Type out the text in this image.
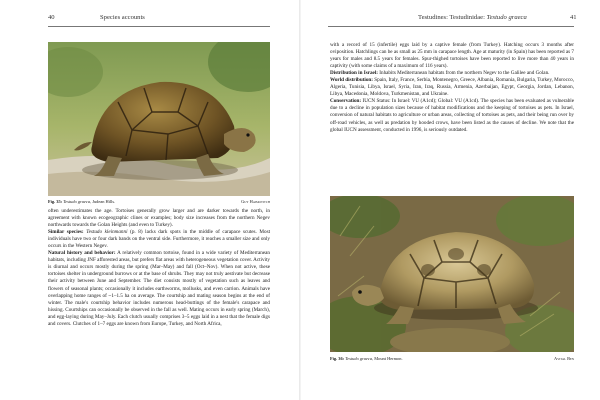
40	Species accounts
Fig. 35: Testudo graeca, Judean Hills.	Guy Haimovitch

often underestimates the age. Tortoises generally grow larger and are darker towards the north, in agreement with known ecogeographic clines or examples; body size increases from the northern Negev northwards towards the Golan Heights (and even to Turkey).

Similar species: Testudo kleinmanni (p. 8) lacks dark spots in the middle of carapace scutes. Most individuals have two or four dark bands on the ventral side. Furthermore, it reaches a smaller size and only occurs in the Western Negev.

Natural history and behavior: A relatively common tortoise, found in a wide variety of Mediterranean habitats, including JNF afforested areas, but prefers flat areas with heterogeneous vegetation cover. Activity is diurnal and occurs mostly during the spring (Mar–May) and fall (Oct–Nov). When not active, these tortoises shelter in underground burrows or at the base of shrubs. They may not truly aestivate but decrease their activity between June and September. The diet consists mostly of vegetation such as leaves and flowers of seasonal plants; occasionally it includes earthworms, mollusks, and even carrion. Animals have overlapping home ranges of ~1–1.5 ha on average. The courtship and mating season begins at the end of winter. The male's courtship behavior includes numerous head-buttings of the female's carapace and hissing. Courtships can occasionally be observed in the fall as well. Mating occurs in early spring (March), and egg-laying during May–July. Each clutch usually comprises 3–5 eggs laid in a nest that the female digs and covers. Clutches of 1–7 eggs are known from Europe, Turkey, and North Africa,

Testudines: Testudinidae: Testudo graeca	41

with a record of 15 (infertile) eggs laid by a captive female (from Turkey). Hatching occurs 3 months after oviposition. Hatchlings can be as small as 25 mm in carapace length. Age at maturity (in Spain) has been reported as 7 years for males and 8.5 years for females. Spur-thighed tortoises have been reported to live more than 40 years in captivity (with some claims of a maximum of 116 years).

Distribution in Israel: Inhabits Mediterranean habitats from the northern Negev to the Galilee and Golan.

World distribution: Spain, Italy, France, Serbia, Montenegro, Greece, Albania, Romania, Bulgaria, Turkey, Morocco, Algeria, Tunisia, Libya, Israel, Syria, Iran, Iraq, Russia, Armenia, Azerbaijan, Egypt, Georgia, Jordan, Lebanon, Libya, Macedonia, Moldova, Turkmenistan, and Ukraine.

Conservation: IUCN Status: In Israel: VU (A1cd); Global: VU (A1cd). The species has been evaluated as vulnerable due to a decline in population sizes because of habitat modifications and the keeping of tortoises as pets. In Israel, conversion of natural habitats to agriculture or urban areas, collecting of tortoises as pets, and their being run over by off-road vehicles, as well as predation by hooded crows, have been listed as the causes of decline. We note that the global IUCN assessment, conducted in 1996, is seriously outdated.

Fig. 36: Testudo graeca, Mount Hermon.	Avital Ben
